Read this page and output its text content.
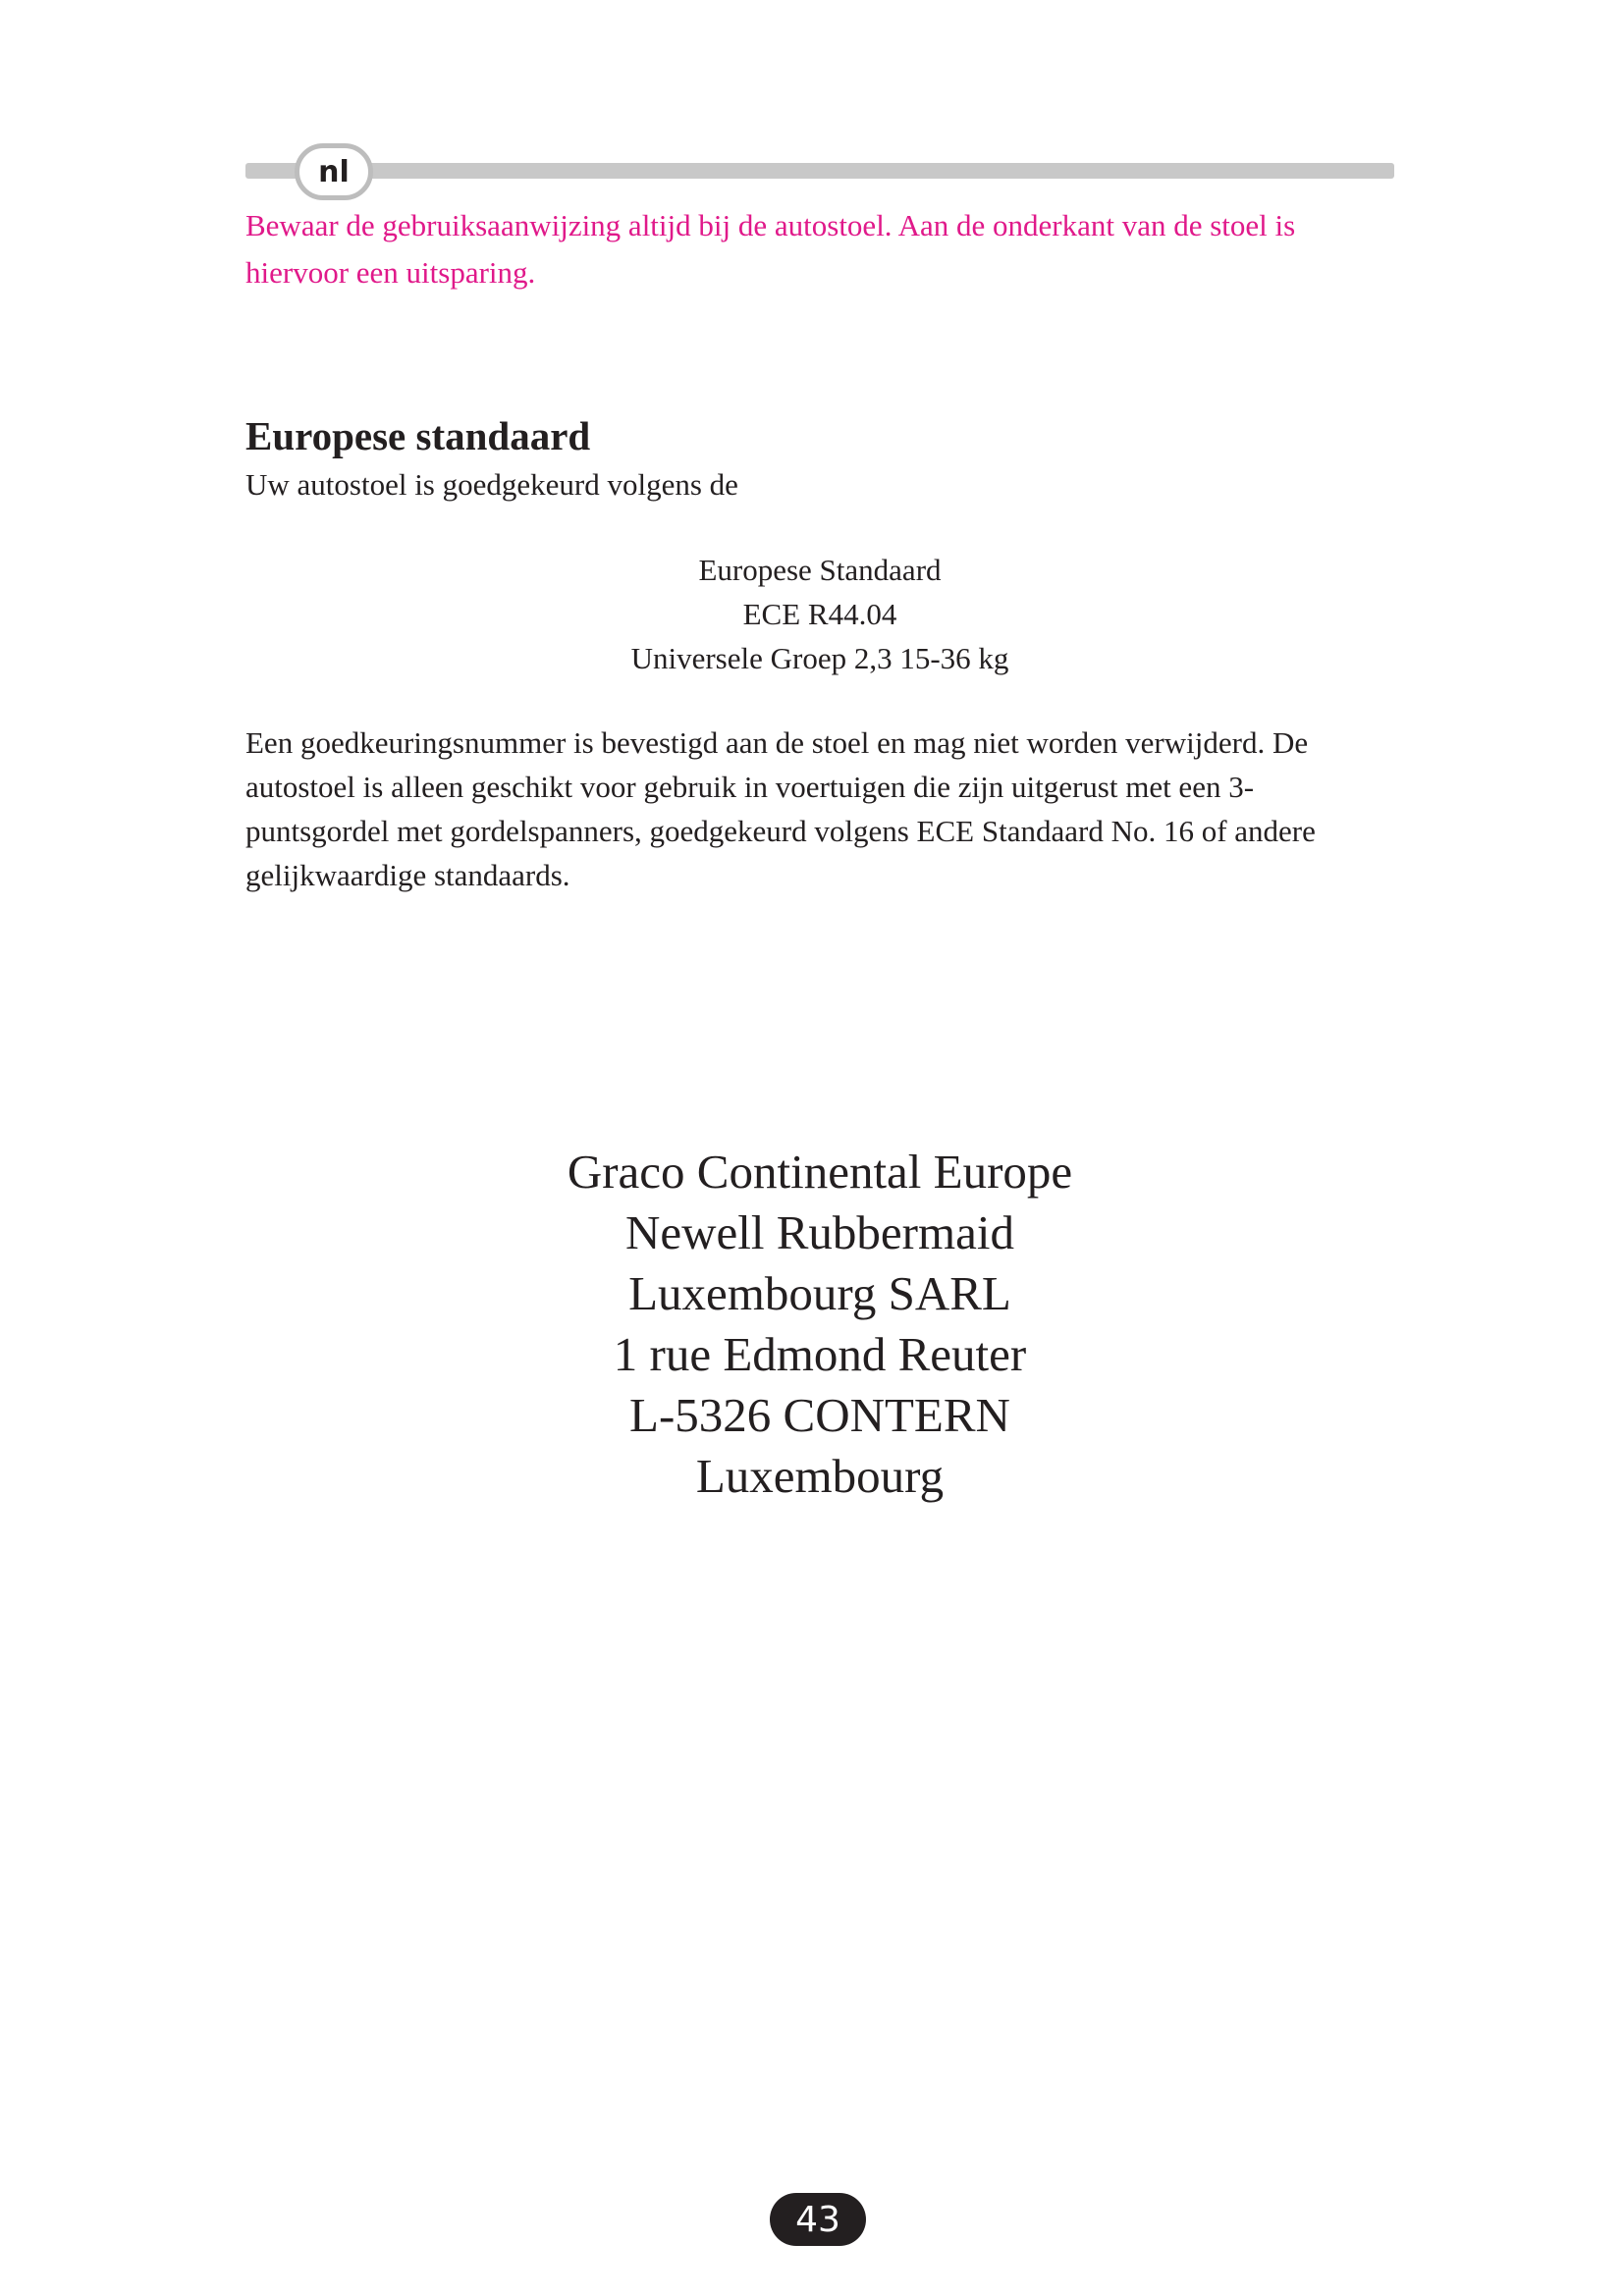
nl

Bewaar de gebruiksaanwijzing altijd bij de autostoel. Aan de onderkant van de stoel is hiervoor een uitsparing.

Europese standaard

Uw autostoel is goedgekeurd volgens de

Europese Standaard
ECE R44.04
Universele Groep 2,3 15-36 kg

Een goedkeuringsnummer is bevestigd aan de stoel en mag niet worden verwijderd. De autostoel is alleen geschikt voor gebruik in voertuigen die zijn uitgerust met een 3-puntsgordel met gordelspanners, goedgekeurd volgens ECE Standaard No. 16 of andere gelijkwaardige standaards.

Graco Continental Europe
Newell Rubbermaid
Luxembourg SARL
1 rue Edmond Reuter
L-5326 CONTERN
Luxembourg
43
